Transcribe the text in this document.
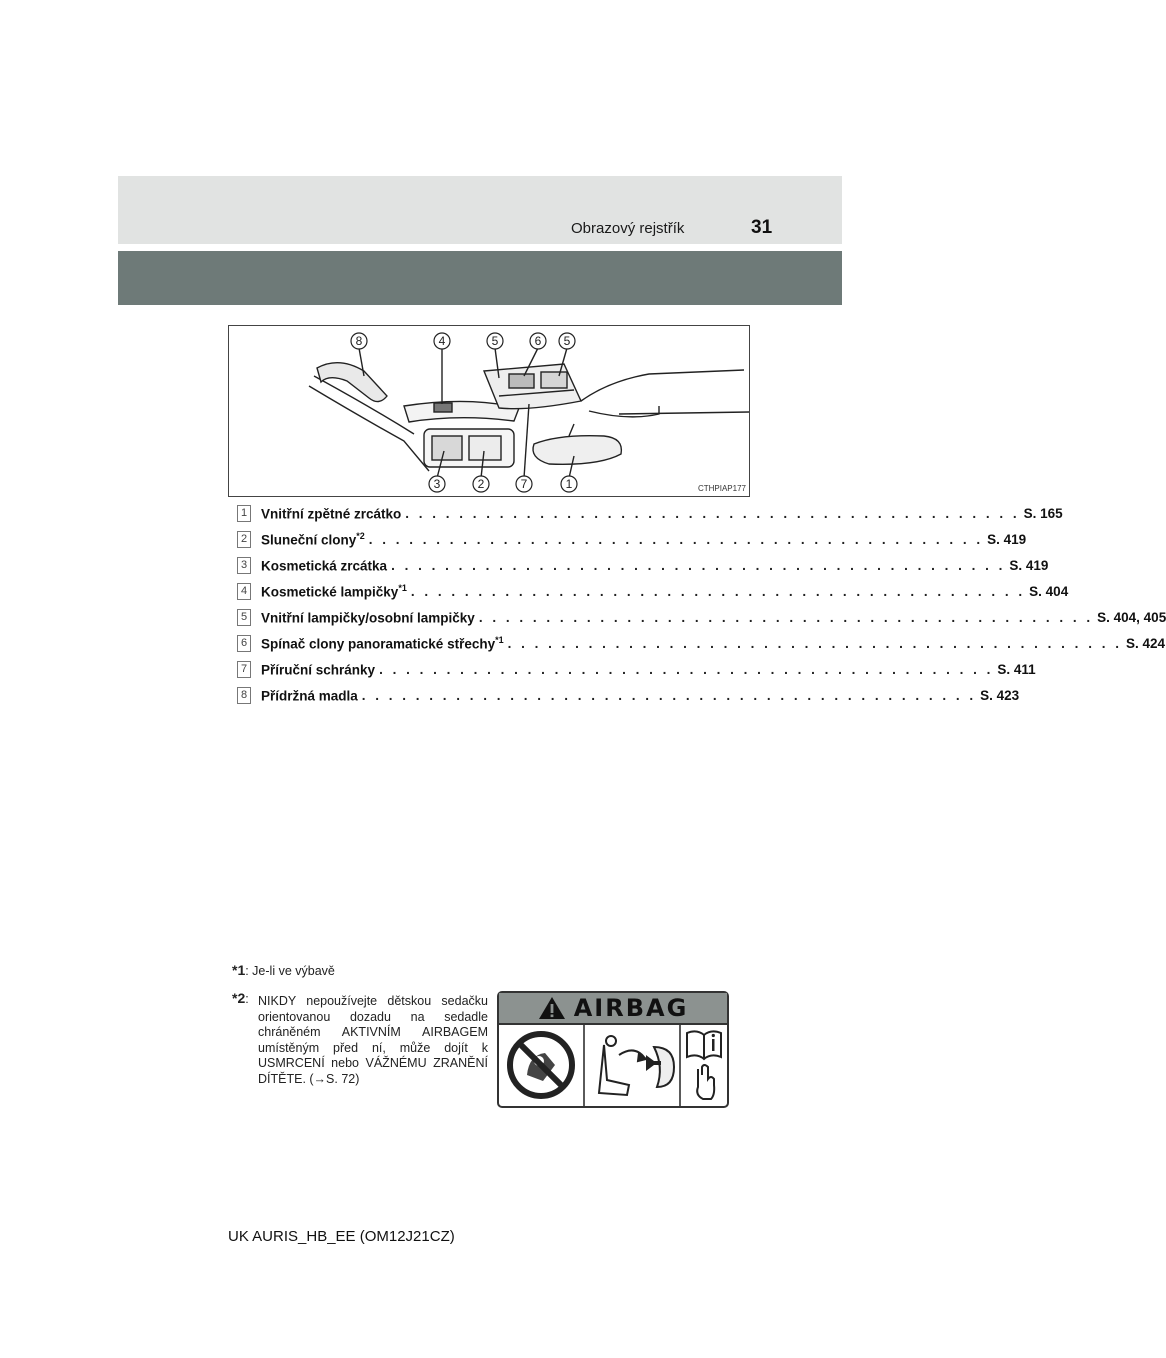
Obrazový rejstřík	31
8	4	5	6 5
3	2	7	1	CTHPIAP177
1 Vnitřní zpětné zrcátko . . . . . . . . . . . . . . . . . . . . . . . . . . . . . . . . . . . . . . . . . . . . . . S. 165
2 Sluneční clony$^{*2}$ . . . . . . . . . . . . . . . . . . . . . . . . . . . . . . . . . . . . . . . . . . . . . . S. 419
3 Kosmetická zrcátka . . . . . . . . . . . . . . . . . . . . . . . . . . . . . . . . . . . . . . . . . . . . . . S. 419
4 Kosmetické lampičky$^{*1}$ . . . . . . . . . . . . . . . . . . . . . . . . . . . . . . . . . . . . . . . . . . . . . . S. 404
5 Vnitřní lampičky/osobní lampičky . . . . . . . . . . . . . . . . . . . . . . . . . . . . . . . . . . . . . . . . . . . . . . S. 404, 405
6 Spínač clony panoramatické střechy$^{*1}$ . . . . . . . . . . . . . . . . . . . . . . . . . . . . . . . . . . . . . . . . . . . . . . S. 424
7 Příruční schránky . . . . . . . . . . . . . . . . . . . . . . . . . . . . . . . . . . . . . . . . . . . . . . S. 411
8 Přídržná madla . . . . . . . . . . . . . . . . . . . . . . . . . . . . . . . . . . . . . . . . . . . . . . S. 423
*1: Je-li ve výbavě
*2: NIKDY nepoužívejte dětskou sedačku orientovanou dozadu na sedadle chráněném AKTIVNÍM AIRBAGEM umístěným před ní, může dojít k USMRCENÍ nebo VÁŽNÉMU ZRANĚNÍ DÍTĚTE. (→S. 72)
AIRBAG
UK AURIS_HB_EE (OM12J21CZ)
